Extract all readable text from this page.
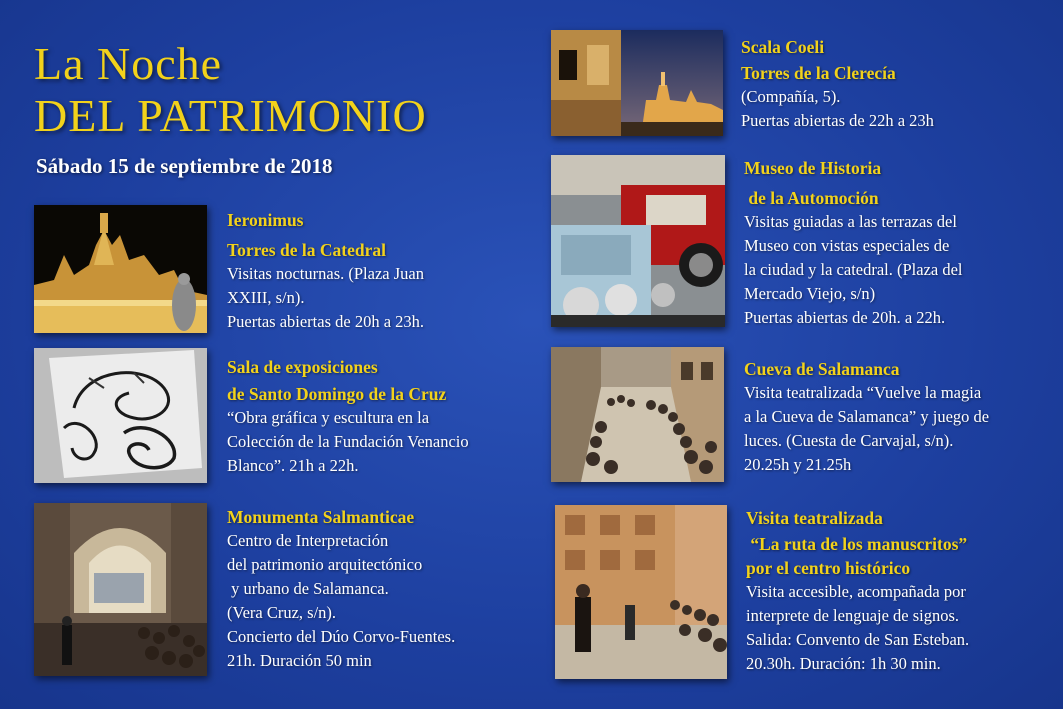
La Noche
DEL PATRIMONIO
Sábado 15 de septiembre de 2018
Ieronimus
Torres de la Catedral
Visitas nocturnas. (Plaza Juan
XXIII, s/n).
Puertas abiertas de 20h a 23h.
Sala de exposiciones
de Santo Domingo de la Cruz
“Obra gráfica y escultura en la
Colección de la Fundación Venancio
Blanco”. 21h a 22h.
Monumenta Salmanticae
Centro de Interpretación
del patrimonio arquitectónico
y urbano de Salamanca.
(Vera Cruz, s/n).
Concierto del Dúo Corvo-Fuentes.
21h. Duración 50 min
Scala Coeli
Torres de la Clerecía
(Compañía, 5).
Puertas abiertas de 22h a 23h
Museo de Historia
de la Automoción
Visitas guiadas a las terrazas del
Museo con vistas especiales de
la ciudad y la catedral. (Plaza del
Mercado Viejo, s/n)
Puertas abiertas de 20h. a 22h.
Cueva de Salamanca
Visita teatralizada “Vuelve la magia
a la Cueva de Salamanca” y juego de
luces. (Cuesta de Carvajal, s/n).
20.25h y 21.25h
Visita teatralizada
“La ruta de los manuscritos”
por el centro histórico
Visita accesible, acompañada por
interprete de lenguaje de signos.
Salida: Convento de San Esteban.
20.30h. Duración: 1h 30 min.
